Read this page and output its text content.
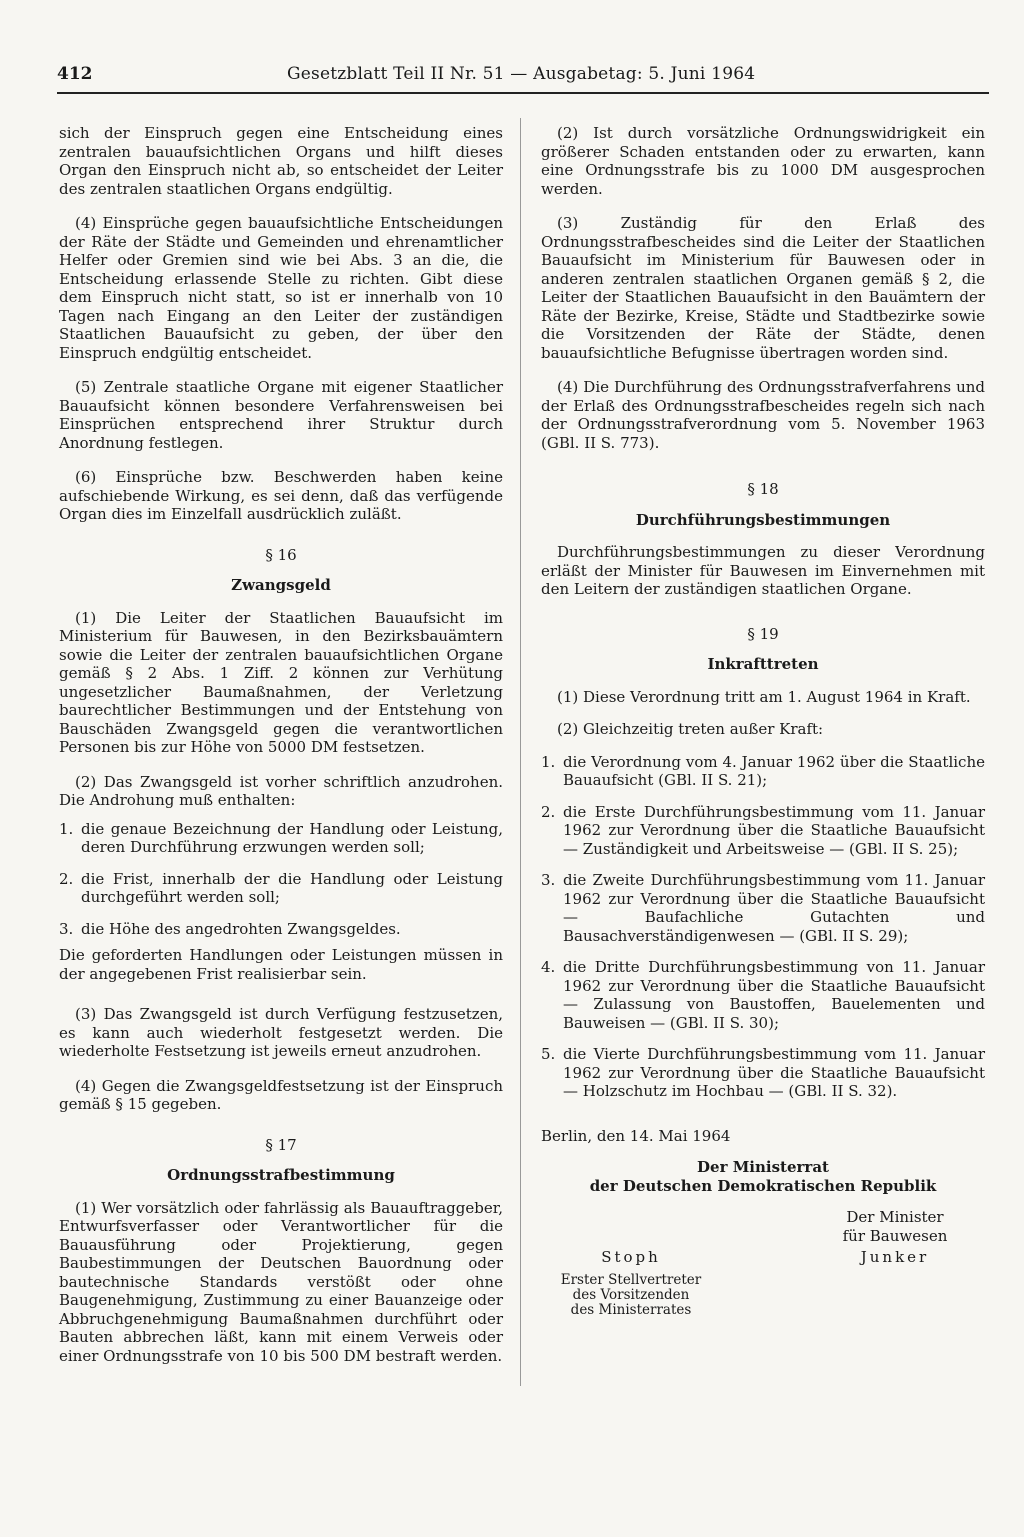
412	Gesetzblatt Teil II Nr. 51 — Ausgabetag: 5. Juni 1964

sich der Einspruch gegen eine Entscheidung eines zentralen bauaufsichtlichen Organs und hilft dieses Organ den Einspruch nicht ab, so entscheidet der Leiter des zentralen staatlichen Organs endgültig.

(4) Einsprüche gegen bauaufsichtliche Entscheidungen der Räte der Städte und Gemeinden und ehrenamtlicher Helfer oder Gremien sind wie bei Abs. 3 an die, die Entscheidung erlassende Stelle zu richten. Gibt diese dem Einspruch nicht statt, so ist er innerhalb von 10 Tagen nach Eingang an den Leiter der zuständigen Staatlichen Bauaufsicht zu geben, der über den Einspruch endgültig entscheidet.

(5) Zentrale staatliche Organe mit eigener Staatlicher Bauaufsicht können besondere Verfahrensweisen bei Einsprüchen entsprechend ihrer Struktur durch Anordnung festlegen.

(6) Einsprüche bzw. Beschwerden haben keine aufschiebende Wirkung, es sei denn, daß das verfügende Organ dies im Einzelfall ausdrücklich zuläßt.

§ 16
Zwangsgeld

(1) Die Leiter der Staatlichen Bauaufsicht im Ministerium für Bauwesen, in den Bezirksbauämtern sowie die Leiter der zentralen bauaufsichtlichen Organe gemäß § 2 Abs. 1 Ziff. 2 können zur Verhütung ungesetzlicher Baumaßnahmen, der Verletzung baurechtlicher Bestimmungen und der Entstehung von Bauschäden Zwangsgeld gegen die verantwortlichen Personen bis zur Höhe von 5000 DM festsetzen.

(2) Das Zwangsgeld ist vorher schriftlich anzudrohen. Die Androhung muß enthalten:

1. die genaue Bezeichnung der Handlung oder Leistung, deren Durchführung erzwungen werden soll;
2. die Frist, innerhalb der die Handlung oder Leistung durchgeführt werden soll;
3. die Höhe des angedrohten Zwangsgeldes.

Die geforderten Handlungen oder Leistungen müssen in der angegebenen Frist realisierbar sein.

(3) Das Zwangsgeld ist durch Verfügung festzusetzen, es kann auch wiederholt festgesetzt werden. Die wiederholte Festsetzung ist jeweils erneut anzudrohen.

(4) Gegen die Zwangsgeldfestsetzung ist der Einspruch gemäß § 15 gegeben.

§ 17
Ordnungsstrafbestimmung

(1) Wer vorsätzlich oder fahrlässig als Bauauftraggeber, Entwurfsverfasser oder Verantwortlicher für die Bauausführung oder Projektierung, gegen Baubestimmungen der Deutschen Bauordnung oder bautechnische Standards verstößt oder ohne Baugenehmigung, Zustimmung zu einer Bauanzeige oder Abbruchgenehmigung Baumaßnahmen durchführt oder Bauten abbrechen läßt, kann mit einem Verweis oder einer Ordnungsstrafe von 10 bis 500 DM bestraft werden.

(2) Ist durch vorsätzliche Ordnungswidrigkeit ein größerer Schaden entstanden oder zu erwarten, kann eine Ordnungsstrafe bis zu 1000 DM ausgesprochen werden.

(3) Zuständig für den Erlaß des Ordnungsstrafbescheides sind die Leiter der Staatlichen Bauaufsicht im Ministerium für Bauwesen oder in anderen zentralen staatlichen Organen gemäß § 2, die Leiter der Staatlichen Bauaufsicht in den Bauämtern der Räte der Bezirke, Kreise, Städte und Stadtbezirke sowie die Vorsitzenden der Räte der Städte, denen bauaufsichtliche Befugnisse übertragen worden sind.

(4) Die Durchführung des Ordnungsstrafverfahrens und der Erlaß des Ordnungsstrafbescheides regeln sich nach der Ordnungsstrafverordnung vom 5. November 1963 (GBl. II S. 773).

§ 18
Durchführungsbestimmungen

Durchführungsbestimmungen zu dieser Verordnung erläßt der Minister für Bauwesen im Einvernehmen mit den Leitern der zuständigen staatlichen Organe.

§ 19
Inkrafttreten

(1) Diese Verordnung tritt am 1. August 1964 in Kraft.

(2) Gleichzeitig treten außer Kraft:

1. die Verordnung vom 4. Januar 1962 über die Staatliche Bauaufsicht (GBl. II S. 21);
2. die Erste Durchführungsbestimmung vom 11. Januar 1962 zur Verordnung über die Staatliche Bauaufsicht — Zuständigkeit und Arbeitsweise — (GBl. II S. 25);
3. die Zweite Durchführungsbestimmung vom 11. Januar 1962 zur Verordnung über die Staatliche Bauaufsicht — Baufachliche Gutachten und Bausachverständigenwesen — (GBl. II S. 29);
4. die Dritte Durchführungsbestimmung von 11. Januar 1962 zur Verordnung über die Staatliche Bauaufsicht — Zulassung von Baustoffen, Bauelementen und Bauweisen — (GBl. II S. 30);
5. die Vierte Durchführungsbestimmung vom 11. Januar 1962 zur Verordnung über die Staatliche Bauaufsicht — Holzschutz im Hochbau — (GBl. II S. 32).
Berlin, den 14. Mai 1964
Der Ministerrat
der Deutschen Demokratischen Republik
Stoph
Erster Stellvertreter
des Vorsitzenden
des Ministerrates
Der Minister
für Bauwesen
Junker
